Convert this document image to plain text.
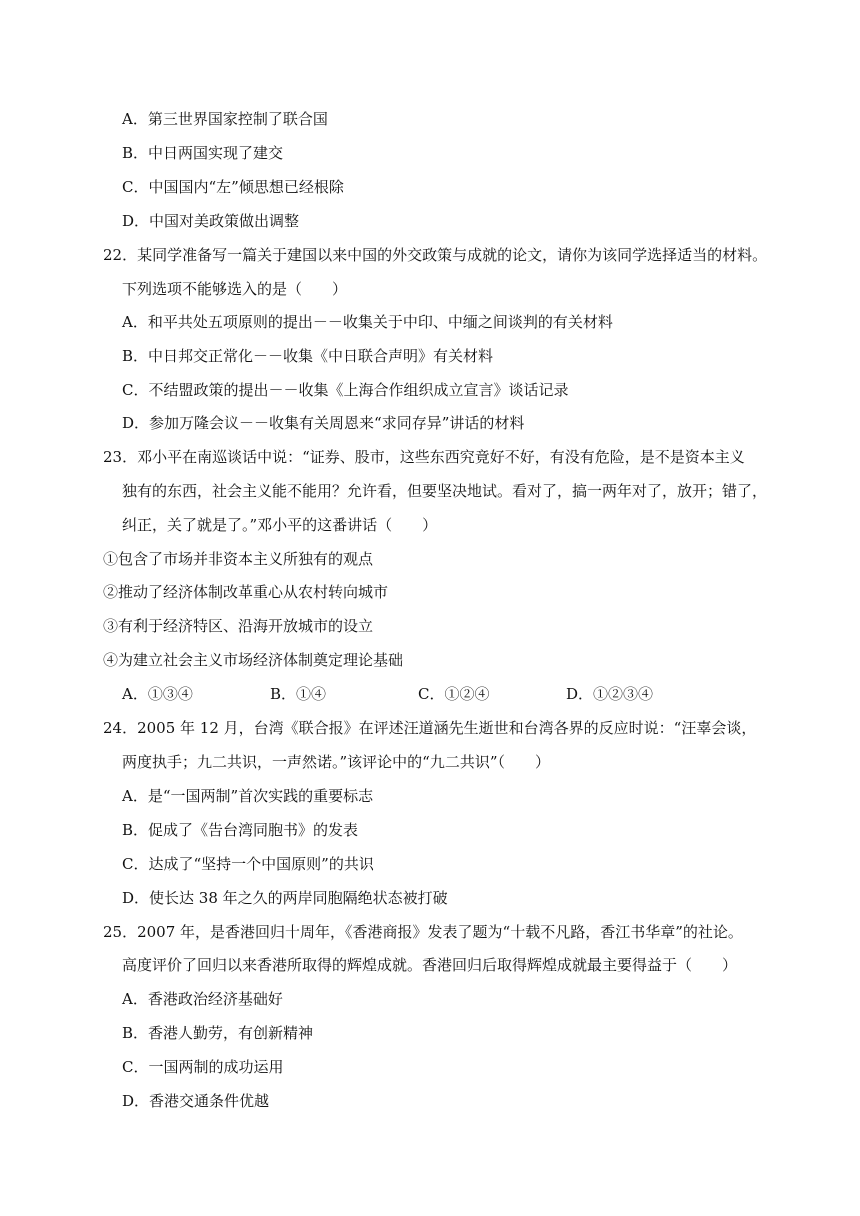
A．第三世界国家控制了联合国
B．中日两国实现了建交
C．中国国内“左”倾思想已经根除
D．中国对美政策做出调整
22．某同学准备写一篇关于建国以来中国的外交政策与成就的论文，请你为该同学选择适当的材料。
下列选项不能够选入的是（　　）
A．和平共处五项原则的提出－－收集关于中印、中缅之间谈判的有关材料
B．中日邦交正常化－－收集《中日联合声明》有关材料
C．不结盟政策的提出－－收集《上海合作组织成立宣言》谈话记录
D．参加万隆会议－－收集有关周恩来“求同存异”讲话的材料
23．邓小平在南巡谈话中说：“证券、股市，这些东西究竟好不好，有没有危险，是不是资本主义
独有的东西，社会主义能不能用？允许看，但要坚决地试。看对了，搞一两年对了，放开；错了，
纠正，关了就是了。”邓小平的这番讲话（　　）
①包含了市场并非资本主义所独有的观点
②推动了经济体制改革重心从农村转向城市
③有利于经济特区、沿海开放城市的设立
④为建立社会主义市场经济体制奠定理论基础
A．①③④	B．①④	C．①②④	D．①②③④
24．2005 年 12 月，台湾《联合报》在评述汪道涵先生逝世和台湾各界的反应时说：“汪辜会谈，
两度执手；九二共识，一声然诺。”该评论中的“九二共识”（　　）
A．是“一国两制”首次实践的重要标志
B．促成了《告台湾同胞书》的发表
C．达成了“坚持一个中国原则”的共识
D．使长达 38 年之久的两岸同胞隔绝状态被打破
25．2007 年，是香港回归十周年，《香港商报》发表了题为“十载不凡路，香江书华章”的社论。
高度评价了回归以来香港所取得的辉煌成就。香港回归后取得辉煌成就最主要得益于（　　）
A．香港政治经济基础好
B．香港人勤劳，有创新精神
C．一国两制的成功运用
D．香港交通条件优越
